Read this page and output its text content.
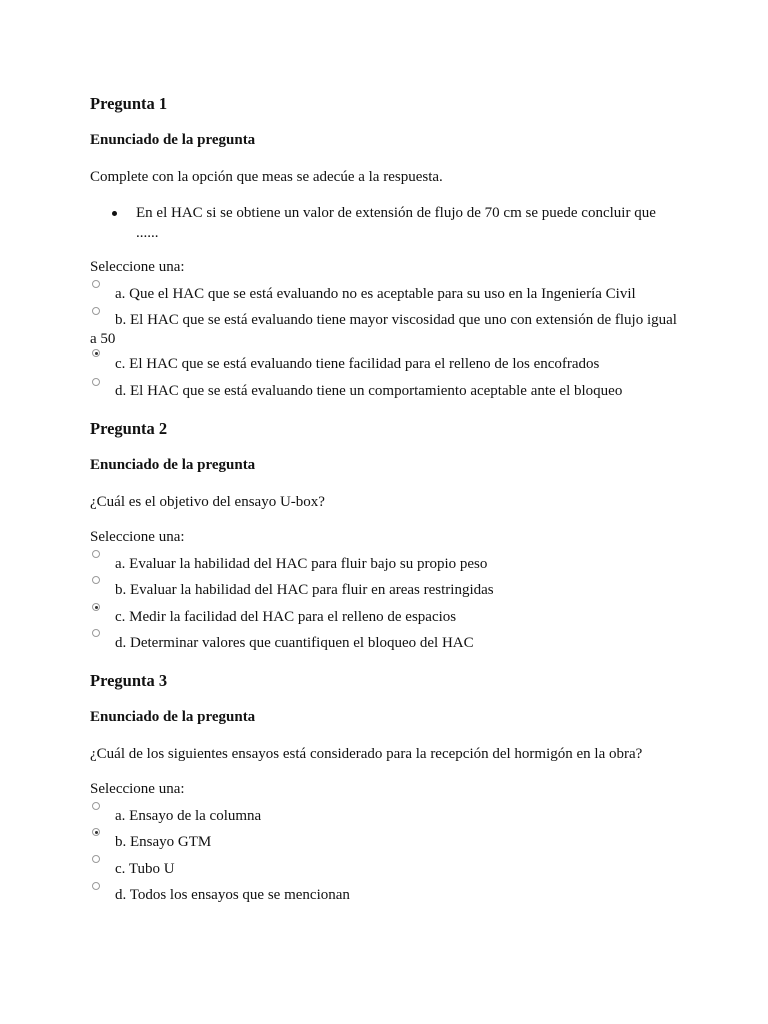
Pregunta 1

Enunciado de la pregunta

Complete con la opción que meas se adecúe a la respuesta.

En el HAC si se obtiene un valor de extensión de flujo de 70 cm se puede concluir que ......

Seleccione una:

a. Que el HAC que se está evaluando no es aceptable para su uso en la Ingeniería Civil
b. El HAC que se está evaluando tiene mayor viscosidad que uno con extensión de flujo igual a 50
c. El HAC que se está evaluando tiene facilidad para el relleno de los encofrados
d. El HAC que se está evaluando tiene un comportamiento aceptable ante el bloqueo
Pregunta 2

Enunciado de la pregunta

¿Cuál es el objetivo del ensayo U-box?

Seleccione una:

a. Evaluar la habilidad del HAC para fluir bajo su propio peso
b. Evaluar la habilidad del HAC para fluir en areas restringidas
c. Medir la facilidad del HAC para el relleno de espacios
d. Determinar valores que cuantifiquen el bloqueo del HAC
Pregunta 3

Enunciado de la pregunta

¿Cuál de los siguientes ensayos está considerado para la recepción del hormigón en la obra?

Seleccione una:

a. Ensayo de la columna
b. Ensayo GTM
c. Tubo U
d. Todos los ensayos que se mencionan
